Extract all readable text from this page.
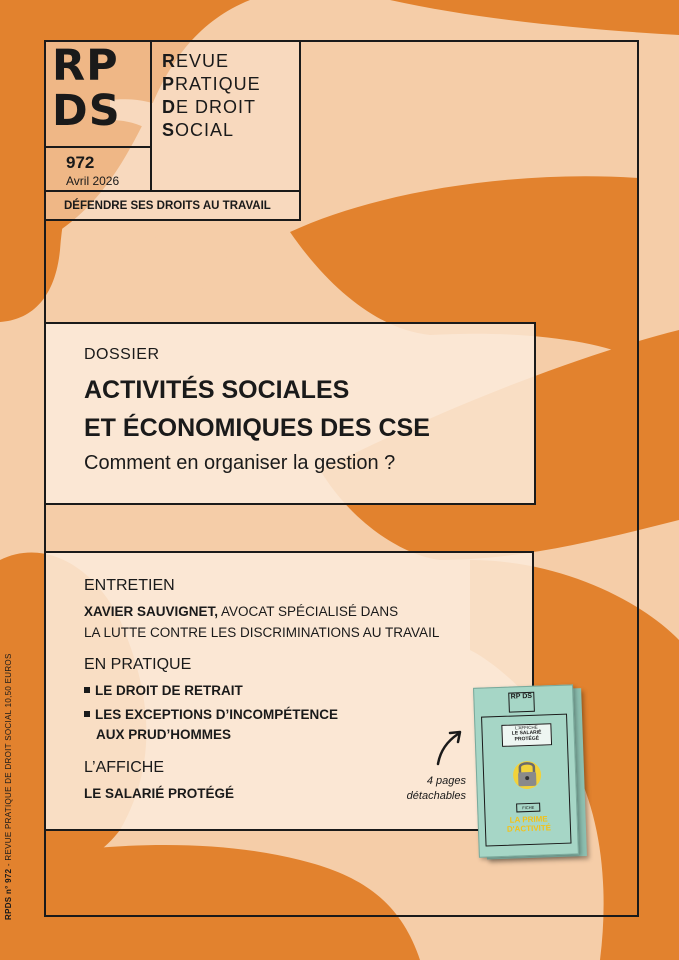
RP
DS
REVUE
PRATIQUE
DE DROIT
SOCIAL
972
Avril 2026
DÉFENDRE SES DROITS AU TRAVAIL
DOSSIER
ACTIVITÉS SOCIALES
ET ÉCONOMIQUES DES CSE
Comment en organiser la gestion ?
ENTRETIEN
XAVIER SAUVIGNET, AVOCAT SPÉCIALISÉ DANS
LA LUTTE CONTRE LES DISCRIMINATIONS AU TRAVAIL
EN PRATIQUE
LE DROIT DE RETRAIT
LES EXCEPTIONS D’INCOMPÉTENCE
AUX PRUD’HOMMES
L’AFFICHE
LE SALARIÉ PROTÉGÉ
4 pages
détachables
RP DS
L'AFFICHE
LE SALARIÉ PROTÉGÉ
FICHE
LA PRIME
D'ACTIVITÉ
RPDS n° 972 - REVUE PRATIQUE DE DROIT SOCIAL 10,50 EUROS
